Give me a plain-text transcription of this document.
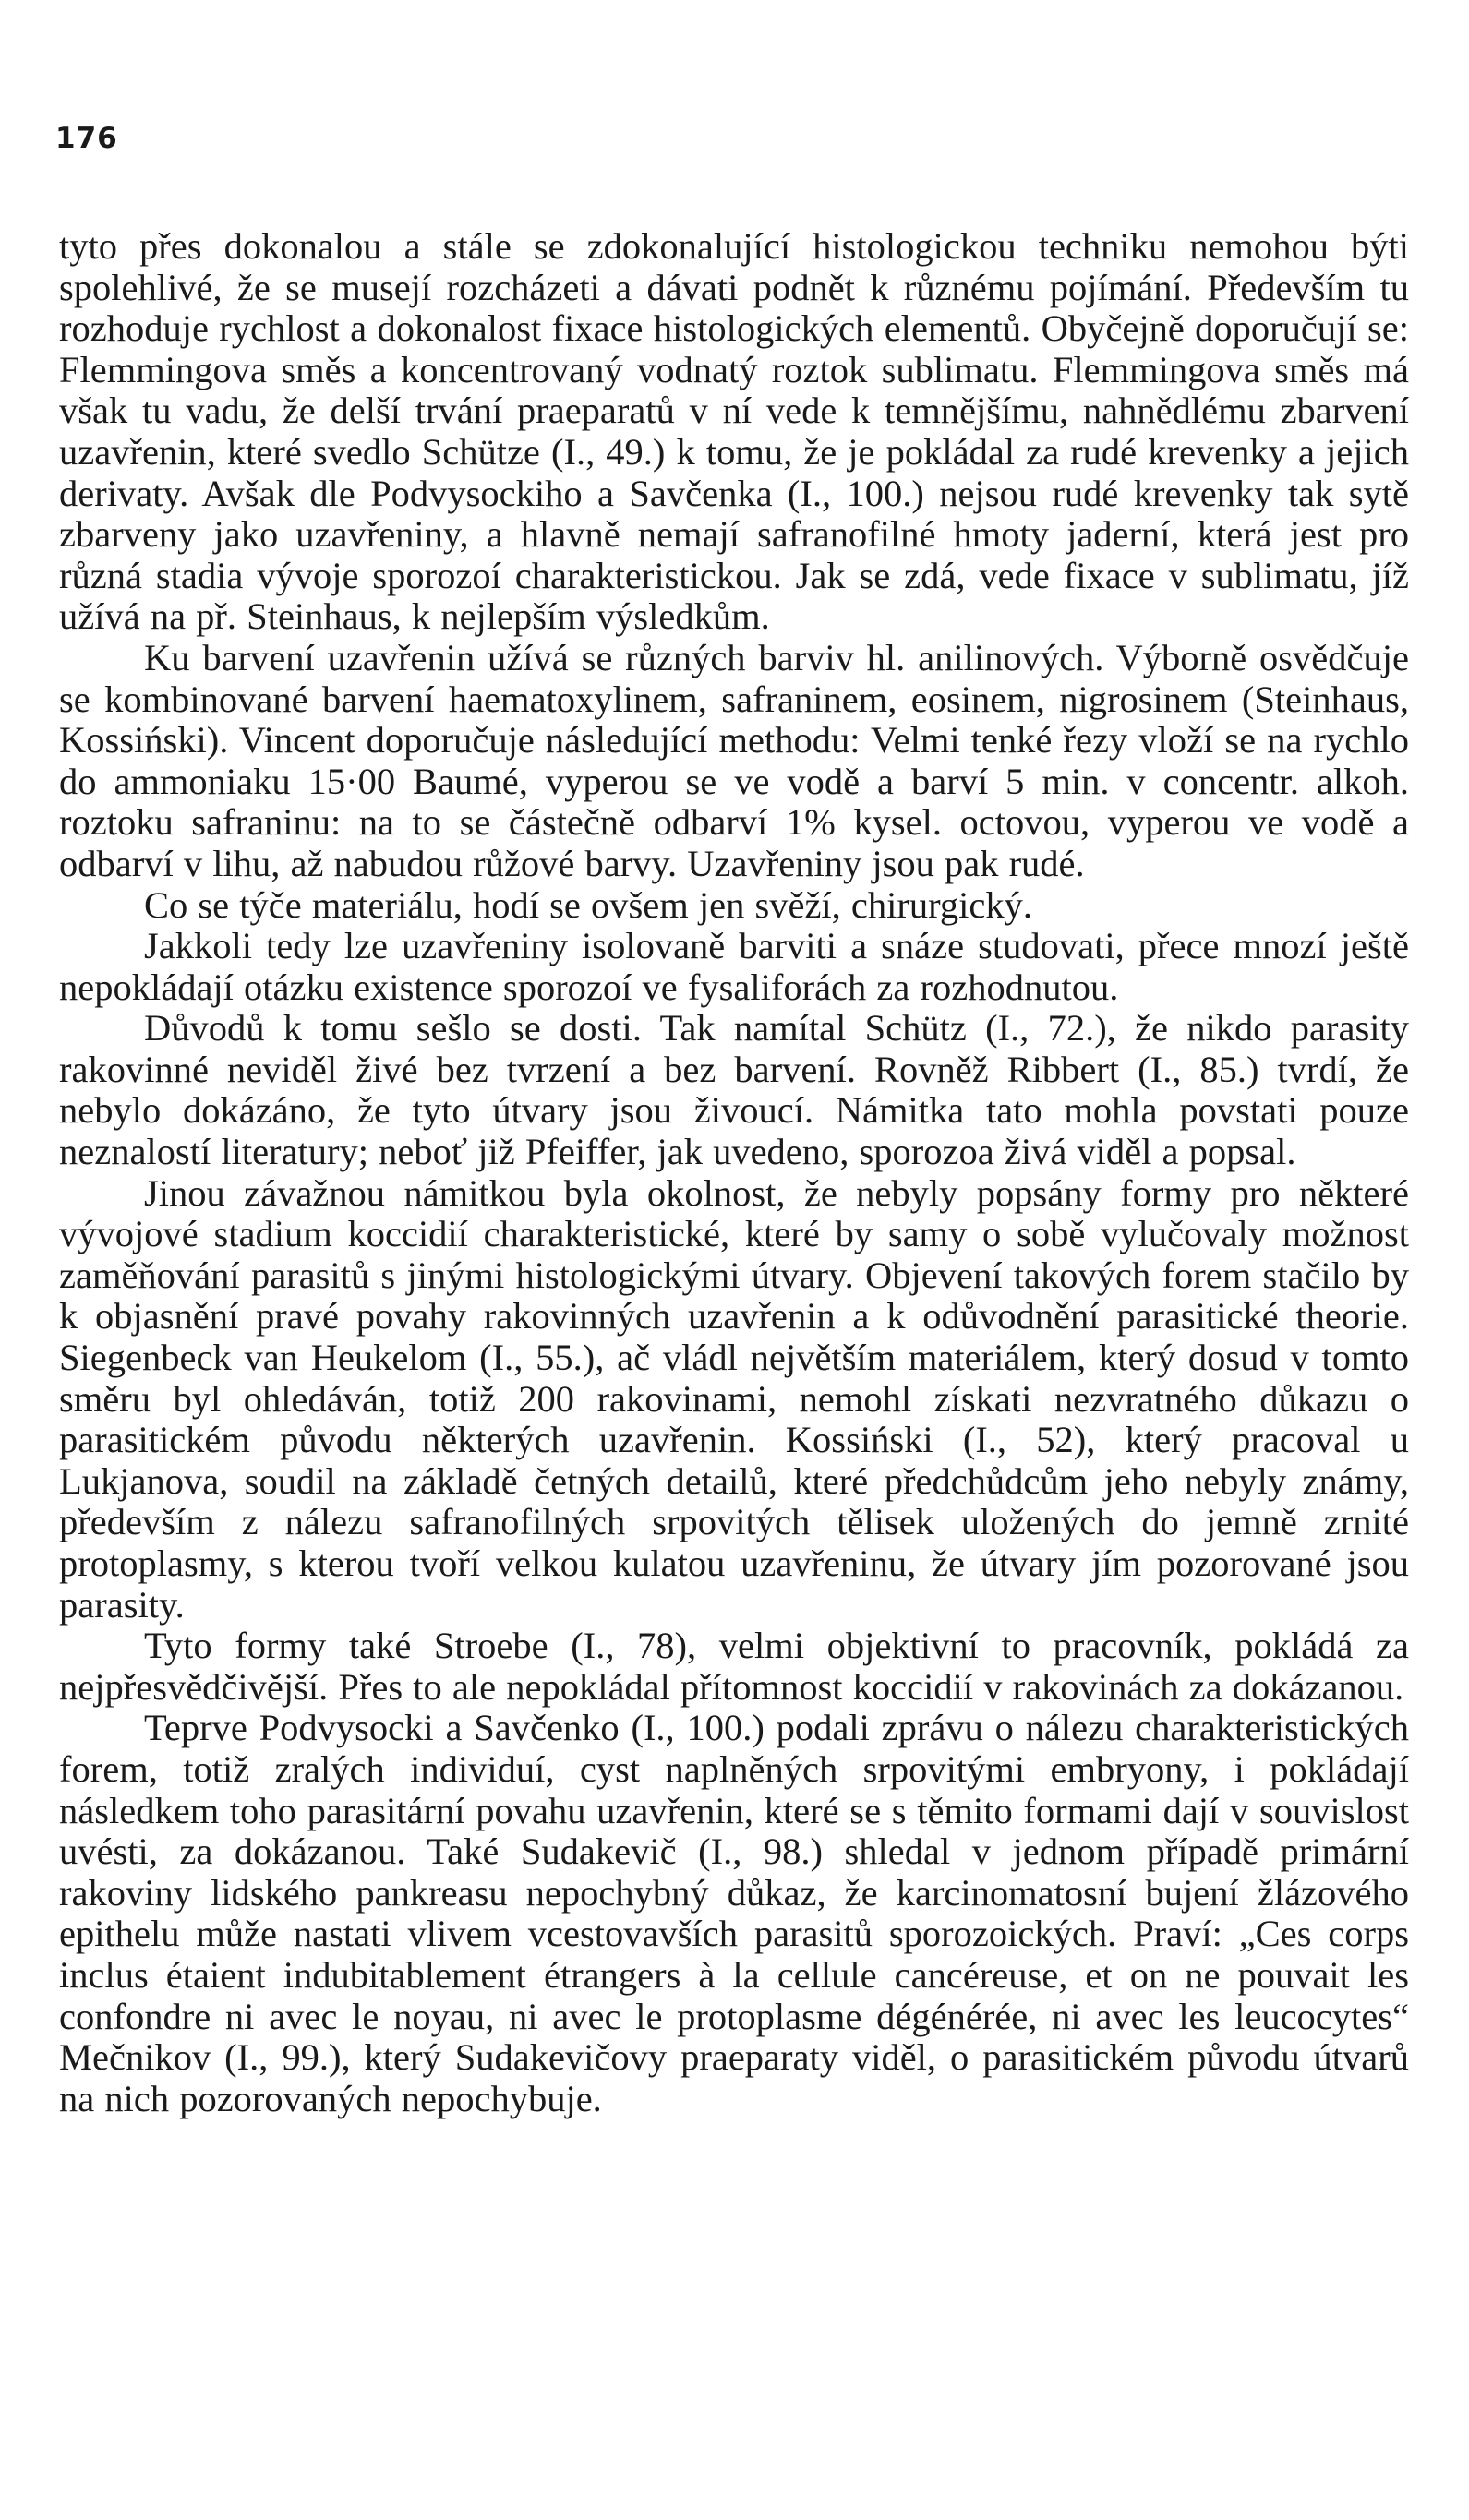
176

tyto přes dokonalou a stále se zdokonalující histologickou techniku nemohou býti spolehlivé, že se musejí rozcházeti a dávati podnět k různému pojímání. Především tu rozhoduje rychlost a dokonalost fixace histologických elementů. Obyčejně doporučují se: Flemmingova směs a koncentrovaný vodnatý roztok sublimatu. Flemmingova směs má však tu vadu, že delší trvání praeparatů v ní vede k temnějšímu, nahnědlému zbarvení uzavřenin, které svedlo Schütze (I., 49.) k tomu, že je pokládal za rudé krevenky a jejich derivaty. Avšak dle Podvysockiho a Savčenka (I., 100.) nejsou rudé krevenky tak sytě zbarveny jako uzavřeniny, a hlavně nemají safranofilné hmoty jaderní, která jest pro různá stadia vývoje sporozoí charakteristickou. Jak se zdá, vede fixace v sublimatu, jíž užívá na př. Steinhaus, k nejlepším výsledkům.

Ku barvení uzavřenin užívá se různých barviv hl. anilinových. Výborně osvědčuje se kombinované barvení haematoxylinem, safraninem, eosinem, nigrosinem (Steinhaus, Kossiński). Vincent doporučuje následující methodu: Velmi tenké řezy vloží se na rychlo do ammoniaku 15·00 Baumé, vyperou se ve vodě a barví 5 min. v concentr. alkoh. roztoku safraninu: na to se částečně odbarví 1% kysel. octovou, vyperou ve vodě a odbarví v lihu, až nabudou růžové barvy. Uzavřeniny jsou pak rudé.

Co se týče materiálu, hodí se ovšem jen svěží, chirurgický.

Jakkoli tedy lze uzavřeniny isolovaně barviti a snáze studovati, přece mnozí ještě nepokládají otázku existence sporozoí ve fysaliforách za rozhodnutou.

Důvodů k tomu sešlo se dosti. Tak namítal Schütz (I., 72.), že nikdo parasity rakovinné neviděl živé bez tvrzení a bez barvení. Rovněž Ribbert (I., 85.) tvrdí, že nebylo dokázáno, že tyto útvary jsou živoucí. Námitka tato mohla povstati pouze neznalostí literatury; neboť již Pfeiffer, jak uvedeno, sporozoa živá viděl a popsal.

Jinou závažnou námitkou byla okolnost, že nebyly popsány formy pro některé vývojové stadium koccidií charakteristické, které by samy o sobě vylučovaly možnost zaměňování parasitů s jinými histologickými útvary. Objevení takových forem stačilo by k objasnění pravé povahy rakovinných uzavřenin a k odůvodnění parasitické theorie. Siegenbeck van Heukelom (I., 55.), ač vládl největším materiálem, který dosud v tomto směru byl ohledáván, totiž 200 rakovinami, nemohl získati nezvratného důkazu o parasitickém původu některých uzavřenin. Kossiński (I., 52), který pracoval u Lukjanova, soudil na základě četných detailů, které předchůdcům jeho nebyly známy, především z nálezu safranofilných srpovitých tělisek uložených do jemně zrnité protoplasmy, s kterou tvoří velkou kulatou uzavřeninu, že útvary jím pozorované jsou parasity.

Tyto formy také Stroebe (I., 78), velmi objektivní to pracovník, pokládá za nejpřesvědčivější. Přes to ale nepokládal přítomnost koccidií v rakovinách za dokázanou.

Teprve Podvysocki a Savčenko (I., 100.) podali zprávu o nálezu charakteristických forem, totiž zralých individuí, cyst naplněných srpovitými embryony, i pokládají následkem toho parasitární povahu uzavřenin, které se s těmito formami dají v souvislost uvésti, za dokázanou. Také Sudakevič (I., 98.) shledal v jednom případě primární rakoviny lidského pankreasu nepochybný důkaz, že karcinomatosní bujení žlázového epithelu může nastati vlivem vcestovavších parasitů sporozoických. Praví: „Ces corps inclus étaient indubitablement étrangers à la cellule cancéreuse, et on ne pouvait les confondre ni avec le noyau, ni avec le protoplasme dégénérée, ni avec les leucocytes“ Mečnikov (I., 99.), který Sudakevičovy praeparaty viděl, o parasitickém původu útvarů na nich pozorovaných nepochybuje.
